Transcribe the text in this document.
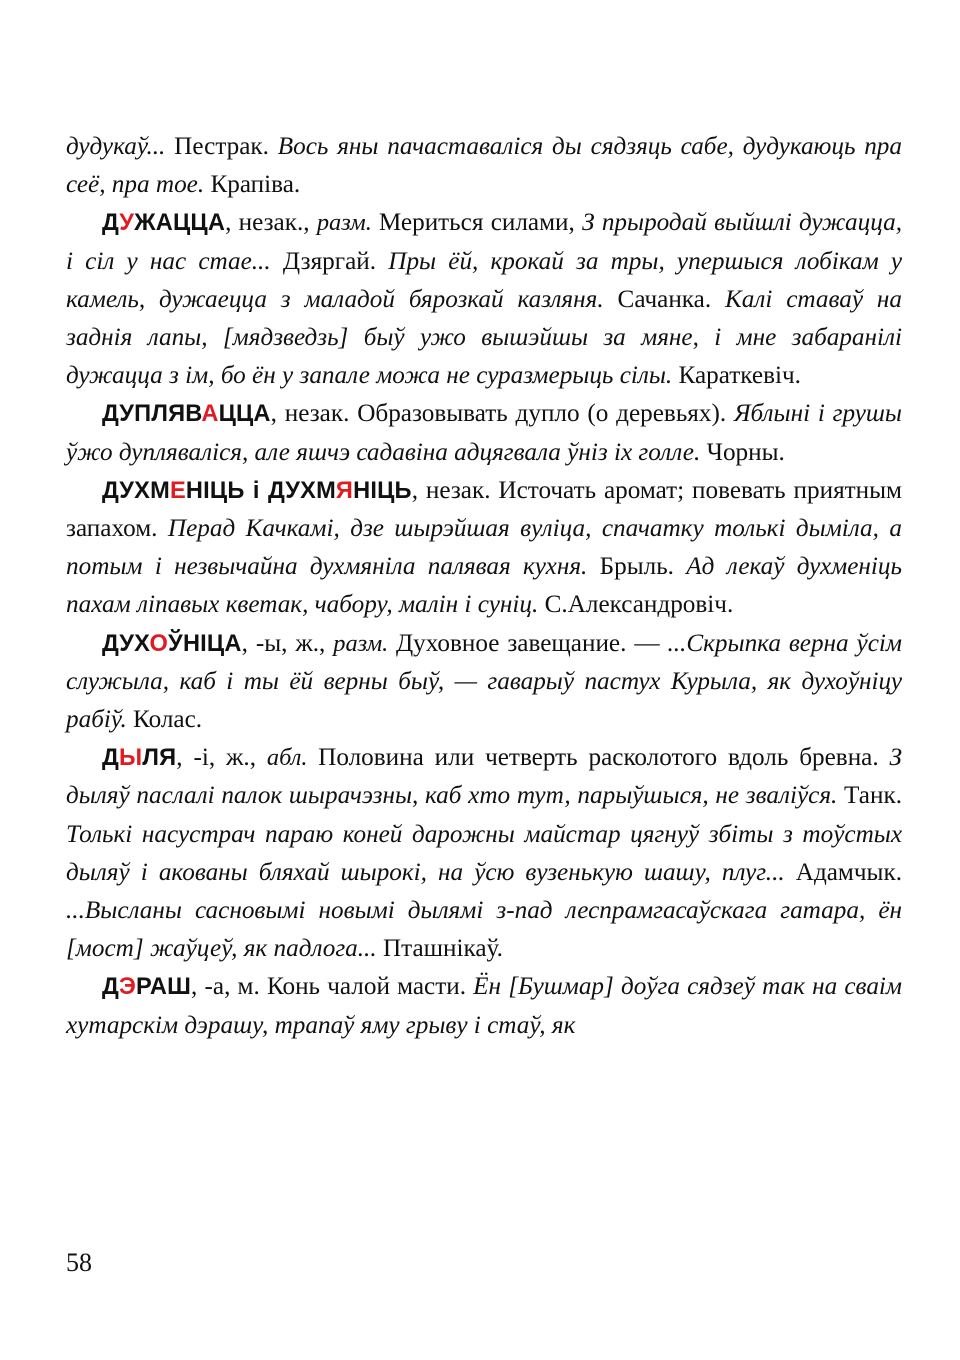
дудукаў... Пестрак. Вось яны пачаставаліся ды сядзяць сабе, дудукаюць пра сеё, пра тое. Крапіва.

ДУЖАЦЦА, незак., разм. Мериться силами, З прыродай выйшлі дужацца, і сіл у нас стае... Дзяргай. Пры ёй, крокай за тры, упершыся лобікам у камель, дужаецца з маладой бярозкай казляня. Сачанка. Калі ставаў на заднія лапы, [мядзведзь] быў ужо вышэйшы за мяне, і мне забаранілі дужацца з ім, бо ён у запале можа не суразмерыць сілы. Караткевіч.

ДУПЛЯВАЦЦА, незак. Образовывать дупло (о деревьях). Яблыні і грушы ўжо дупляваліся, але яшчэ садавіна адцягвала ўніз іх голле. Чорны.

ДУХМЕНІЦЬ і ДУХМЯНІЦЬ, незак. Источать аромат; повевать приятным запахом. Перад Качкамі, дзе шырэйшая вуліца, спачатку толькі дыміла, а потым і незвычайна духмяніла палявая кухня. Брыль. Ад лекаў духменіць пахам ліпавых кветак, чабору, малін і суніц. С.Александровіч.

ДУХОЎНІЦА, -ы, ж., разм. Духовное завещание. — ...Скрыпка верна ўсім служыла, каб і ты ёй верны быў, — гаварыў пастух Курыла, як духоўніцу рабіў. Колас.

ДЫЛЯ, -і, ж., абл. Половина или четверть расколотого вдоль бревна. З дыляў паслалі палок шырачэзны, каб хто тут, парыўшыся, не зваліўся. Танк. Толькі насустрач параю коней дарожны майстар цягнуў збіты з тоўстых дыляў і акованы бляхай шырокі, на ўсю вузенькую шашу, плуг... Адамчык. ...Высланы сасновымі новымі дылямі з-пад леспрамгасаўскага гатара, ён [мост] жаўцеў, як падлога... Пташнікаў.

ДЭРАШ, -а, м. Конь чалой масти. Ён [Бушмар] доўга сядзеў так на сваім хутарскім дэрашу, трапаў яму грыву і стаў, як

58
